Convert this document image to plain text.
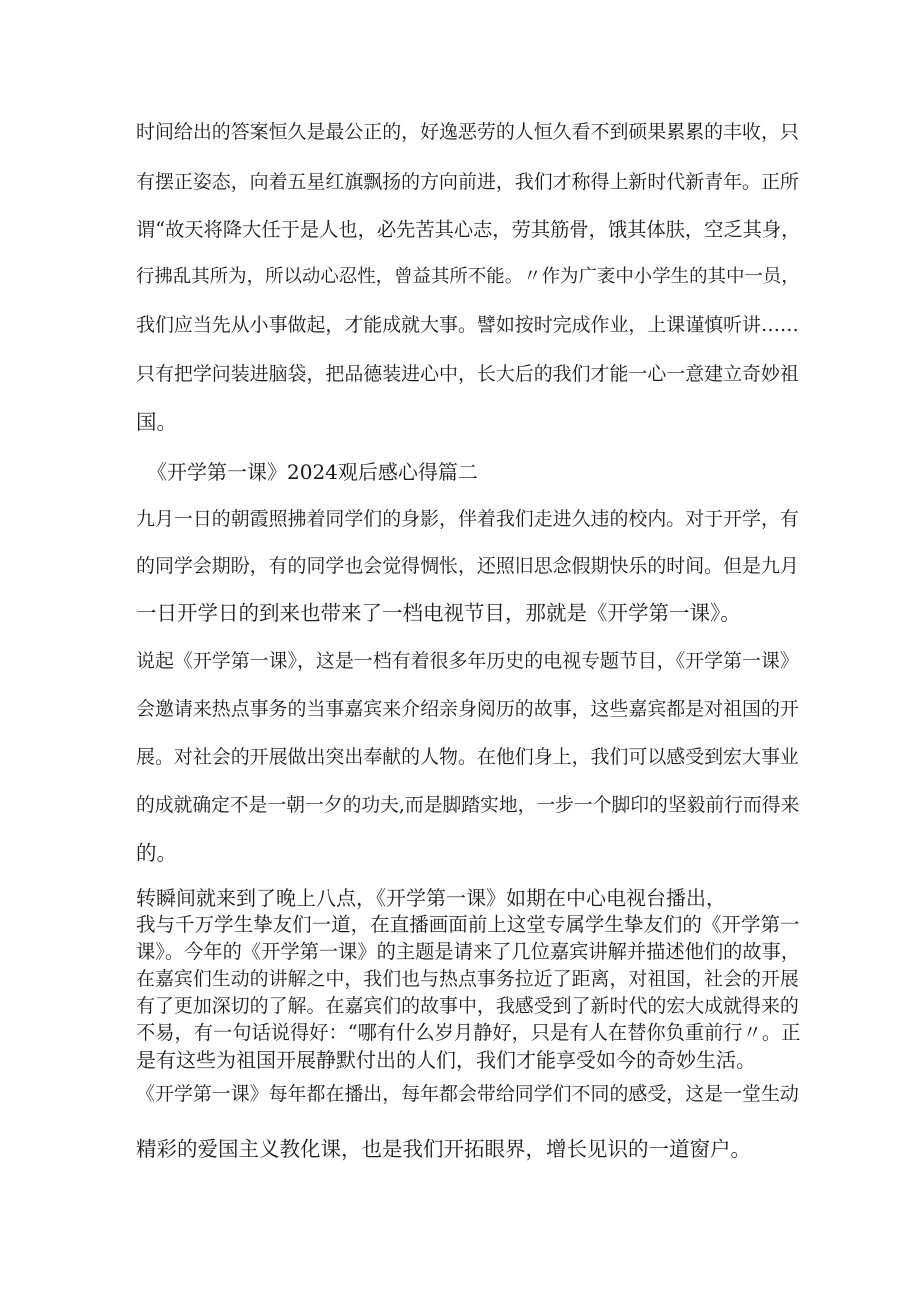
时间给出的答案恒久是最公正的，好逸恶劳的人恒久看不到硕果累累的丰收，只
有摆正姿态，向着五星红旗飘扬的方向前进，我们才称得上新时代新青年。正所
谓“故天将降大任于是人也，必先苦其心志，劳其筋骨，饿其体肤，空乏其身，
行拂乱其所为，所以动心忍性，曾益其所不能。〃作为广袤中小学生的其中一员，
我们应当先从小事做起，才能成就大事。譬如按时完成作业，上课谨慎听讲……
只有把学问装进脑袋，把品德装进心中，长大后的我们才能一心一意建立奇妙祖
国。
《开学第一课》2024观后感心得篇二
九月一日的朝霞照拂着同学们的身影，伴着我们走进久违的校内。对于开学，有
的同学会期盼，有的同学也会觉得惆怅，还照旧思念假期快乐的时间。但是九月
一日开学日的到来也带来了一档电视节目，那就是《开学第一课》。
说起《开学第一课》，这是一档有着很多年历史的电视专题节目，《开学第一课》
会邀请来热点事务的当事嘉宾来介绍亲身阅历的故事，这些嘉宾都是对祖国的开
展。对社会的开展做出突出奉献的人物。在他们身上，我们可以感受到宏大事业
的成就确定不是一朝一夕的功夫,而是脚踏实地，一步一个脚印的坚毅前行而得来
的。
转瞬间就来到了晚上八点，《开学第一课》如期在中心电视台播出，
我与千万学生挚友们一道，在直播画面前上这堂专属学生挚友们的《开学第一
课》。今年的《开学第一课》的主题是请来了几位嘉宾讲解并描述他们的故事，
在嘉宾们生动的讲解之中，我们也与热点事务拉近了距离，对祖国，社会的开展
有了更加深切的了解。在嘉宾们的故事中，我感受到了新时代的宏大成就得来的
不易，有一句话说得好：“哪有什么岁月静好，只是有人在替你负重前行〃。正
是有这些为祖国开展静默付出的人们，我们才能享受如今的奇妙生活。
《开学第一课》每年都在播出，每年都会带给同学们不同的感受，这是一堂生动
精彩的爱国主义教化课，也是我们开拓眼界，增长见识的一道窗户。
